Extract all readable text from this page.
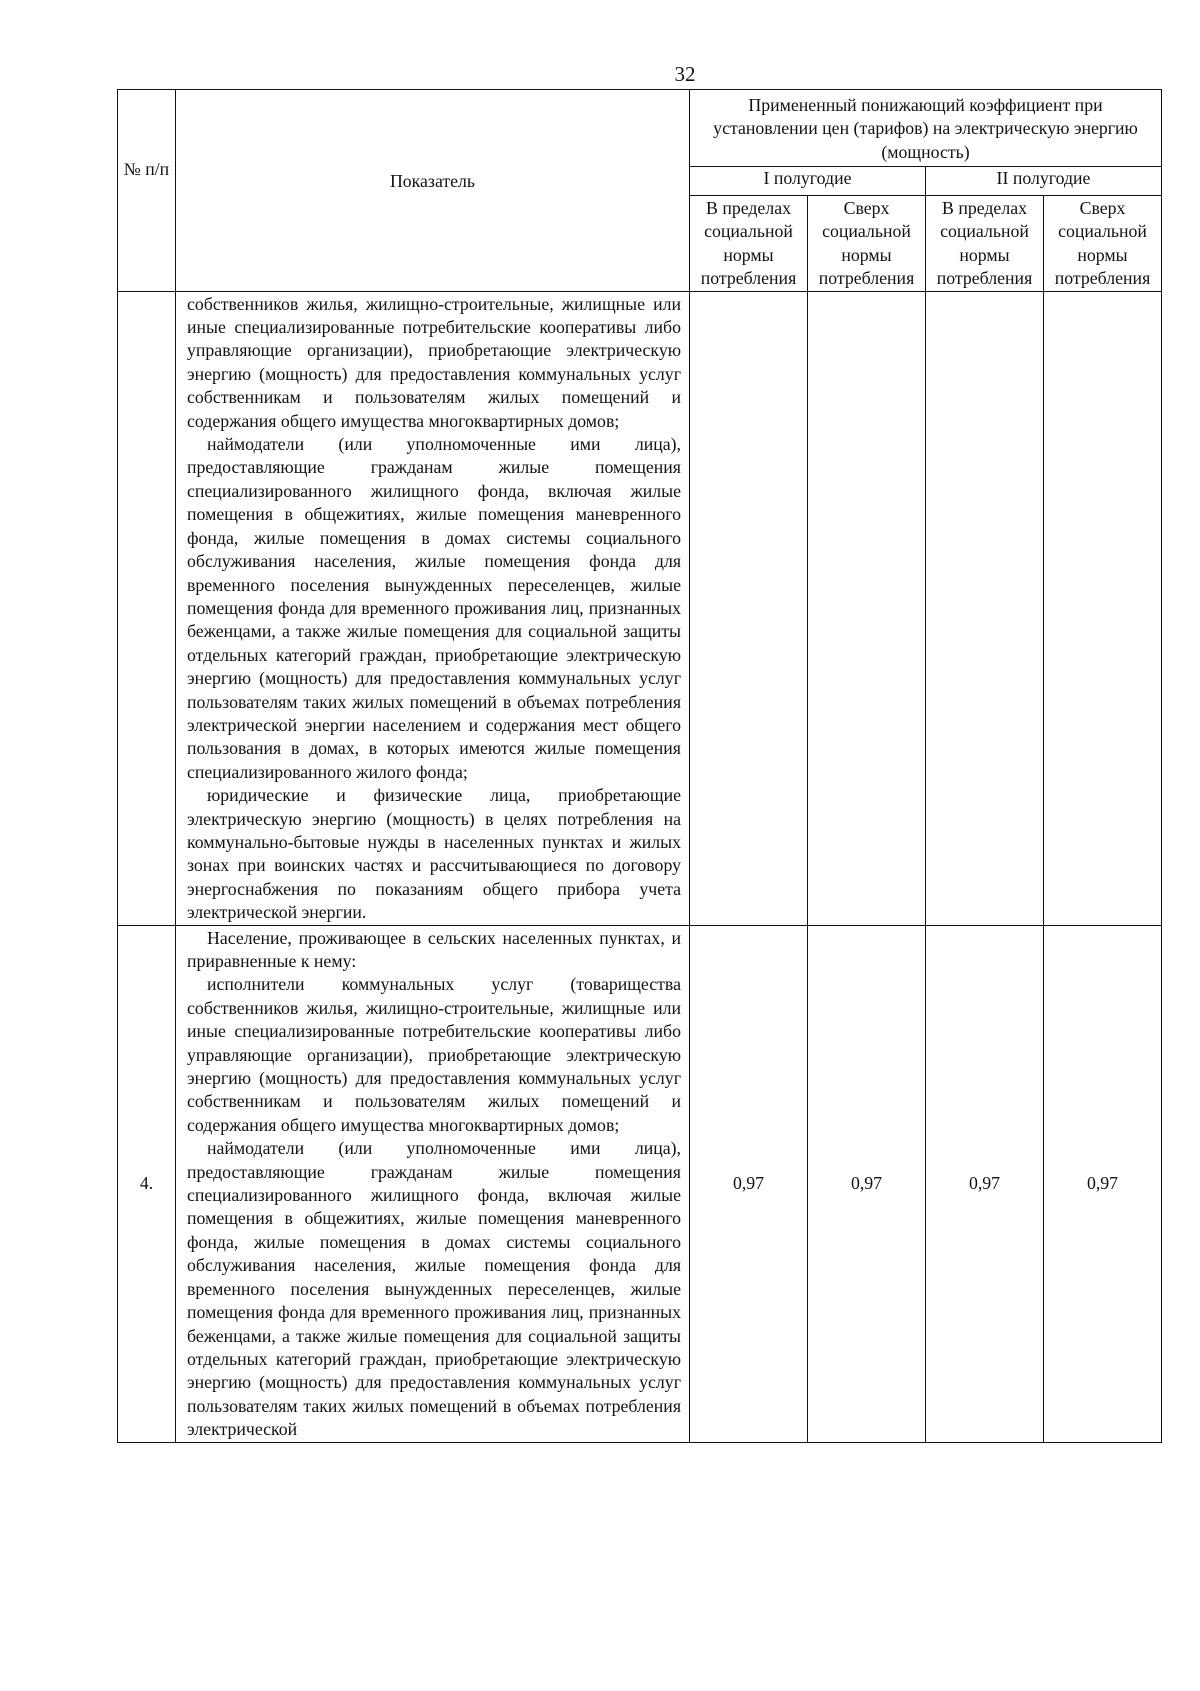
32
№ п/п	Показатель	Примененный понижающий коэффициент при установлении цен (тарифов) на электрическую энергию (мощность)			
		I полугодие		II полугодие	
		В пределах социальной нормы потребления	Сверх социальной нормы потребления	В пределах социальной нормы потребления	Сверх социальной нормы потребления

	собственников жилья, жилищно-строительные, жилищные или иные специализированные потребительские кооперативы либо управляющие организации), приобретающие электрическую энергию (мощность) для предоставления коммунальных услуг собственникам и пользователям жилых помещений и содержания общего имущества многоквартирных домов;

наймодатели (или уполномоченные ими лица), предоставляющие гражданам жилые помещения специализированного жилищного фонда, включая жилые помещения в общежитиях, жилые помещения маневренного фонда, жилые помещения в домах системы социального обслуживания населения, жилые помещения фонда для временного поселения вынужденных переселенцев, жилые помещения фонда для временного проживания лиц, признанных беженцами, а также жилые помещения для социальной защиты отдельных категорий граждан, приобретающие электрическую энергию (мощность) для предоставления коммунальных услуг пользователям таких жилых помещений в объемах потребления электрической энергии населением и содержания мест общего пользования в домах, в которых имеются жилые помещения специализированного жилого фонда;

юридические и физические лица, приобретающие электрическую энергию (мощность) в целях потребления на коммунально-бытовые нужды в населенных пунктах и жилых зонах при воинских частях и рассчитывающиеся по договору энергоснабжения по показаниям общего прибора учета электрической энергии.				

4.	Население, проживающее в сельских населенных пунктах, и приравненные к нему:

исполнители коммунальных услуг (товарищества собственников жилья, жилищно-строительные, жилищные или иные специализированные потребительские кооперативы либо управляющие организации), приобретающие электрическую энергию (мощность) для предоставления коммунальных услуг собственникам и пользователям жилых помещений и содержания общего имущества многоквартирных домов;

наймодатели (или уполномоченные ими лица), предоставляющие гражданам жилые помещения специализированного жилищного фонда, включая жилые помещения в общежитиях, жилые помещения маневренного фонда, жилые помещения в домах системы социального обслуживания населения, жилые помещения фонда для временного поселения вынужденных переселенцев, жилые помещения фонда для временного проживания лиц, признанных беженцами, а также жилые помещения для социальной защиты отдельных категорий граждан, приобретающие электрическую энергию (мощность) для предоставления коммунальных услуг пользователям таких жилых помещений в объемах потребления электрической	0,97	0,97	0,97	0,97
